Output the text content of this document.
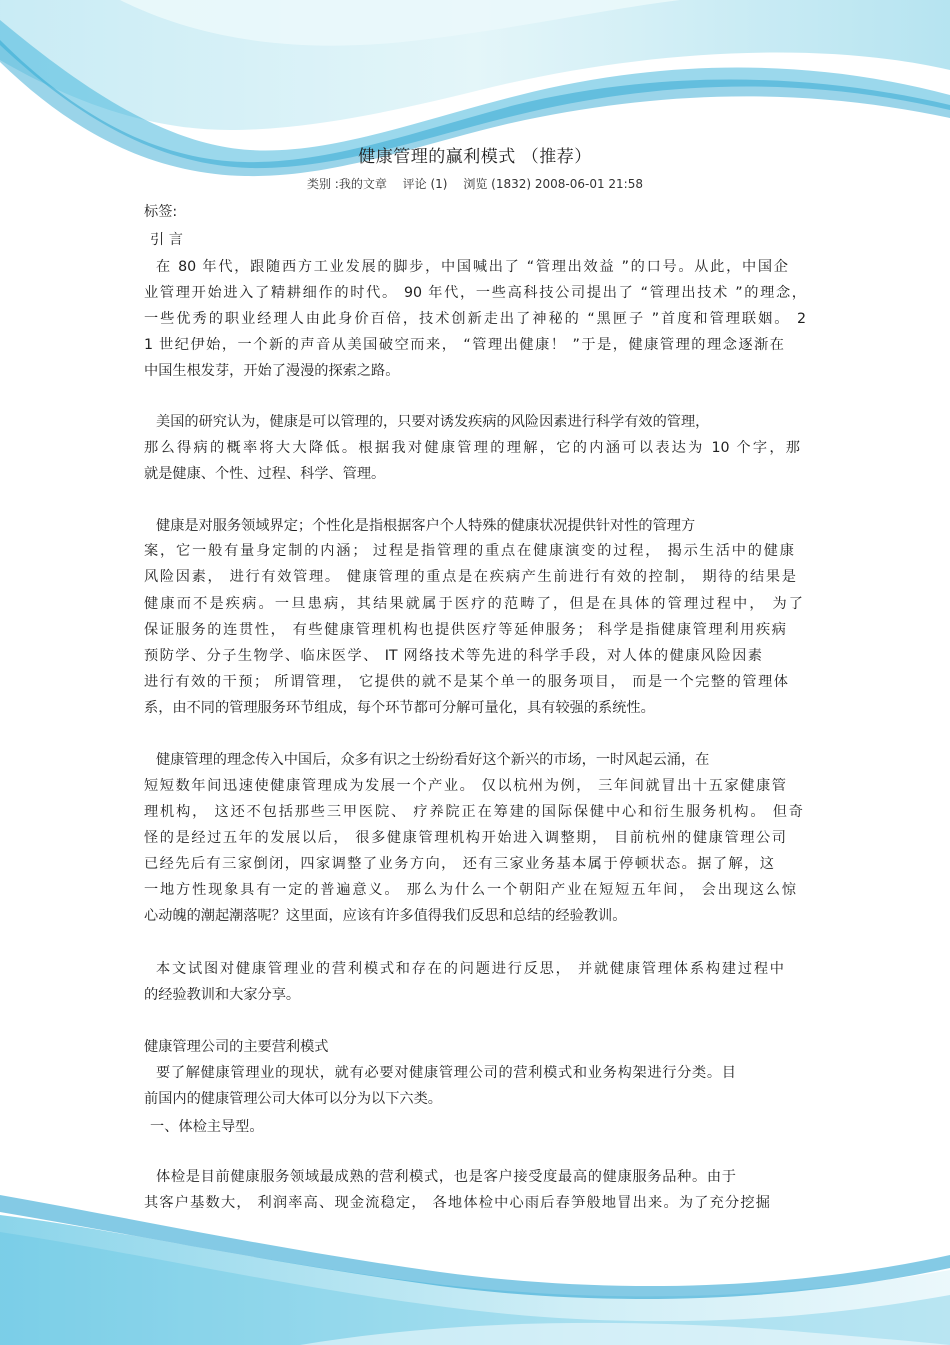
健康管理的赢利模式 （推荐）
类别 :我的文章 评论 (1) 浏览 (1832) 2008-06-01 21:58
标签:
引 言
在 80 年代，跟随西方工业发展的脚步，中国喊出了 “管理出效益 ”的口号。从此，中国企
业管理开始进入了精耕细作的时代。 90 年代，一些高科技公司提出了 “管理出技术 ”的理念，
一些优秀的职业经理人由此身价百倍，技术创新走出了神秘的 “黑匣子 ”首度和管理联姻。 2
1 世纪伊始，一个新的声音从美国破空而来， “管理出健康！ ”于是，健康管理的理念逐渐在
中国生根发芽，开始了漫漫的探索之路。
美国的研究认为，健康是可以管理的，只要对诱发疾病的风险因素进行科学有效的管理，
那么得病的概率将大大降低。根据我对健康管理的理解，它的内涵可以表达为 10 个字，那
就是健康、个性、过程、科学、管理。
健康是对服务领域界定；个性化是指根据客户个人特殊的健康状况提供针对性的管理方
案，它一般有量身定制的内涵； 过程是指管理的重点在健康演变的过程， 揭示生活中的健康
风险因素， 进行有效管理。 健康管理的重点是在疾病产生前进行有效的控制， 期待的结果是
健康而不是疾病。一旦患病，其结果就属于医疗的范畴了，但是在具体的管理过程中， 为了
保证服务的连贯性， 有些健康管理机构也提供医疗等延伸服务； 科学是指健康管理利用疾病
预防学、分子生物学、临床医学、 IT 网络技术等先进的科学手段，对人体的健康风险因素
进行有效的干预； 所谓管理， 它提供的就不是某个单一的服务项目， 而是一个完整的管理体
系，由不同的管理服务环节组成，每个环节都可分解可量化，具有较强的系统性。
健康管理的理念传入中国后，众多有识之士纷纷看好这个新兴的市场，一时风起云涌，在
短短数年间迅速使健康管理成为发展一个产业。 仅以杭州为例， 三年间就冒出十五家健康管
理机构， 这还不包括那些三甲医院、 疗养院正在筹建的国际保健中心和衍生服务机构。 但奇
怪的是经过五年的发展以后， 很多健康管理机构开始进入调整期， 目前杭州的健康管理公司
已经先后有三家倒闭，四家调整了业务方向， 还有三家业务基本属于停顿状态。据了解，这
一地方性现象具有一定的普遍意义。 那么为什么一个朝阳产业在短短五年间， 会出现这么惊
心动魄的潮起潮落呢？这里面，应该有许多值得我们反思和总结的经验教训。
本文试图对健康管理业的营利模式和存在的问题进行反思， 并就健康管理体系构建过程中
的经验教训和大家分享。
健康管理公司的主要营利模式
要了解健康管理业的现状，就有必要对健康管理公司的营利模式和业务构架进行分类。目
前国内的健康管理公司大体可以分为以下六类。
一、体检主导型。
体检是目前健康服务领域最成熟的营利模式，也是客户接受度最高的健康服务品种。由于
其客户基数大， 利润率高、现金流稳定， 各地体检中心雨后春笋般地冒出来。为了充分挖掘
